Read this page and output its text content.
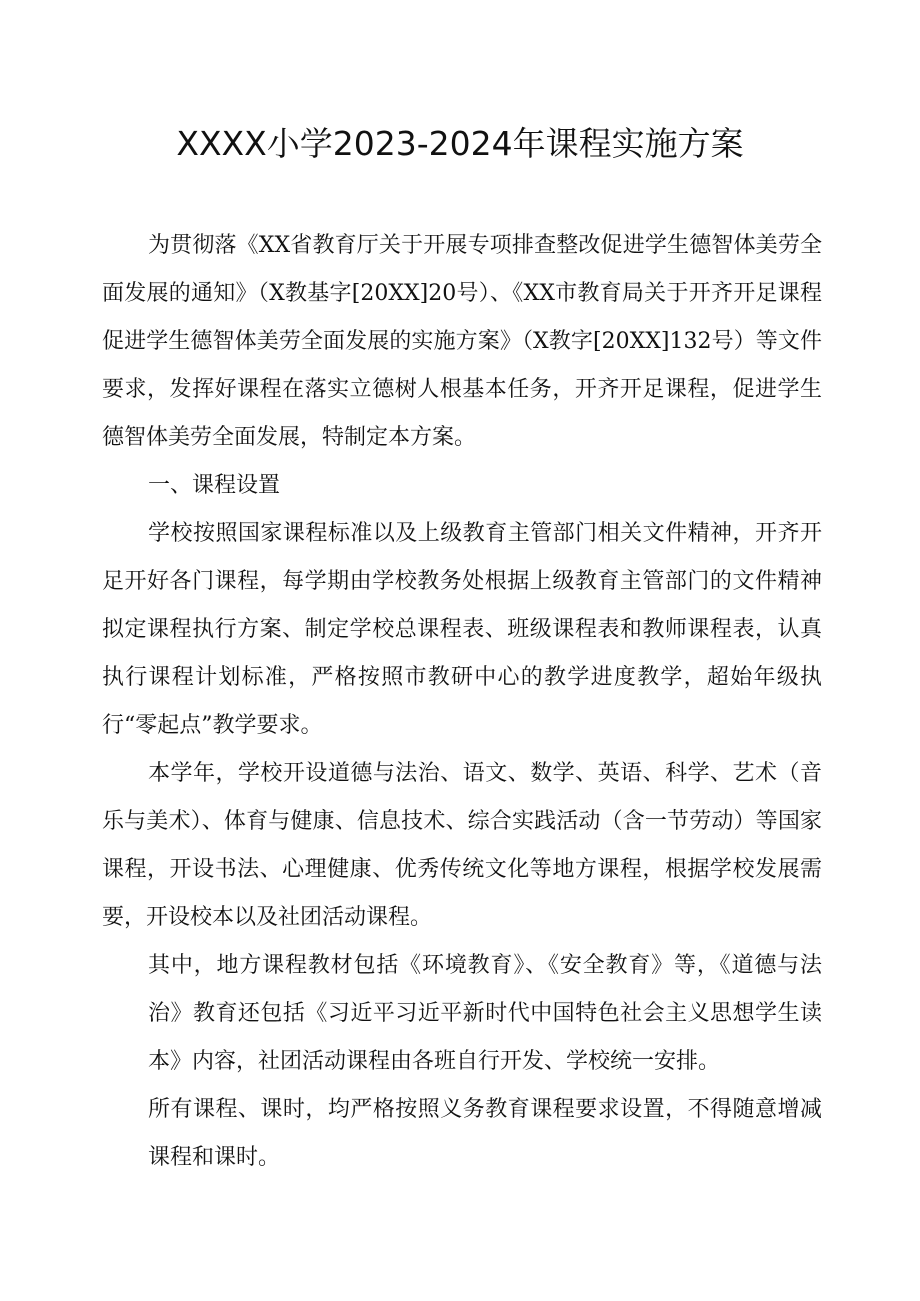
XXXX小学2023-2024年课程实施方案

为贯彻落《XX省教育厅关于开展专项排查整改促进学生德智体美劳全面发展的通知》（X教基字[20XX]20号）、《XX市教育局关于开齐开足课程促进学生德智体美劳全面发展的实施方案》（X教字[20XX]132号）等文件要求，发挥好课程在落实立德树人根基本任务，开齐开足课程，促进学生德智体美劳全面发展，特制定本方案。

一、课程设置

学校按照国家课程标准以及上级教育主管部门相关文件精神，开齐开足开好各门课程，每学期由学校教务处根据上级教育主管部门的文件精神拟定课程执行方案、制定学校总课程表、班级课程表和教师课程表，认真执行课程计划标准，严格按照市教研中心的教学进度教学，超始年级执行“零起点”教学要求。

本学年，学校开设道德与法治、语文、数学、英语、科学、艺术（音乐与美术）、体育与健康、信息技术、综合实践活动（含一节劳动）等国家课程，开设书法、心理健康、优秀传统文化等地方课程，根据学校发展需要，开设校本以及社团活动课程。

其中，地方课程教材包括《环境教育》、《安全教育》等，《道德与法治》教育还包括《习近平习近平新时代中国特色社会主义思想学生读本》内容，社团活动课程由各班自行开发、学校统一安排。

所有课程、课时，均严格按照义务教育课程要求设置，不得随意增减课程和课时。
